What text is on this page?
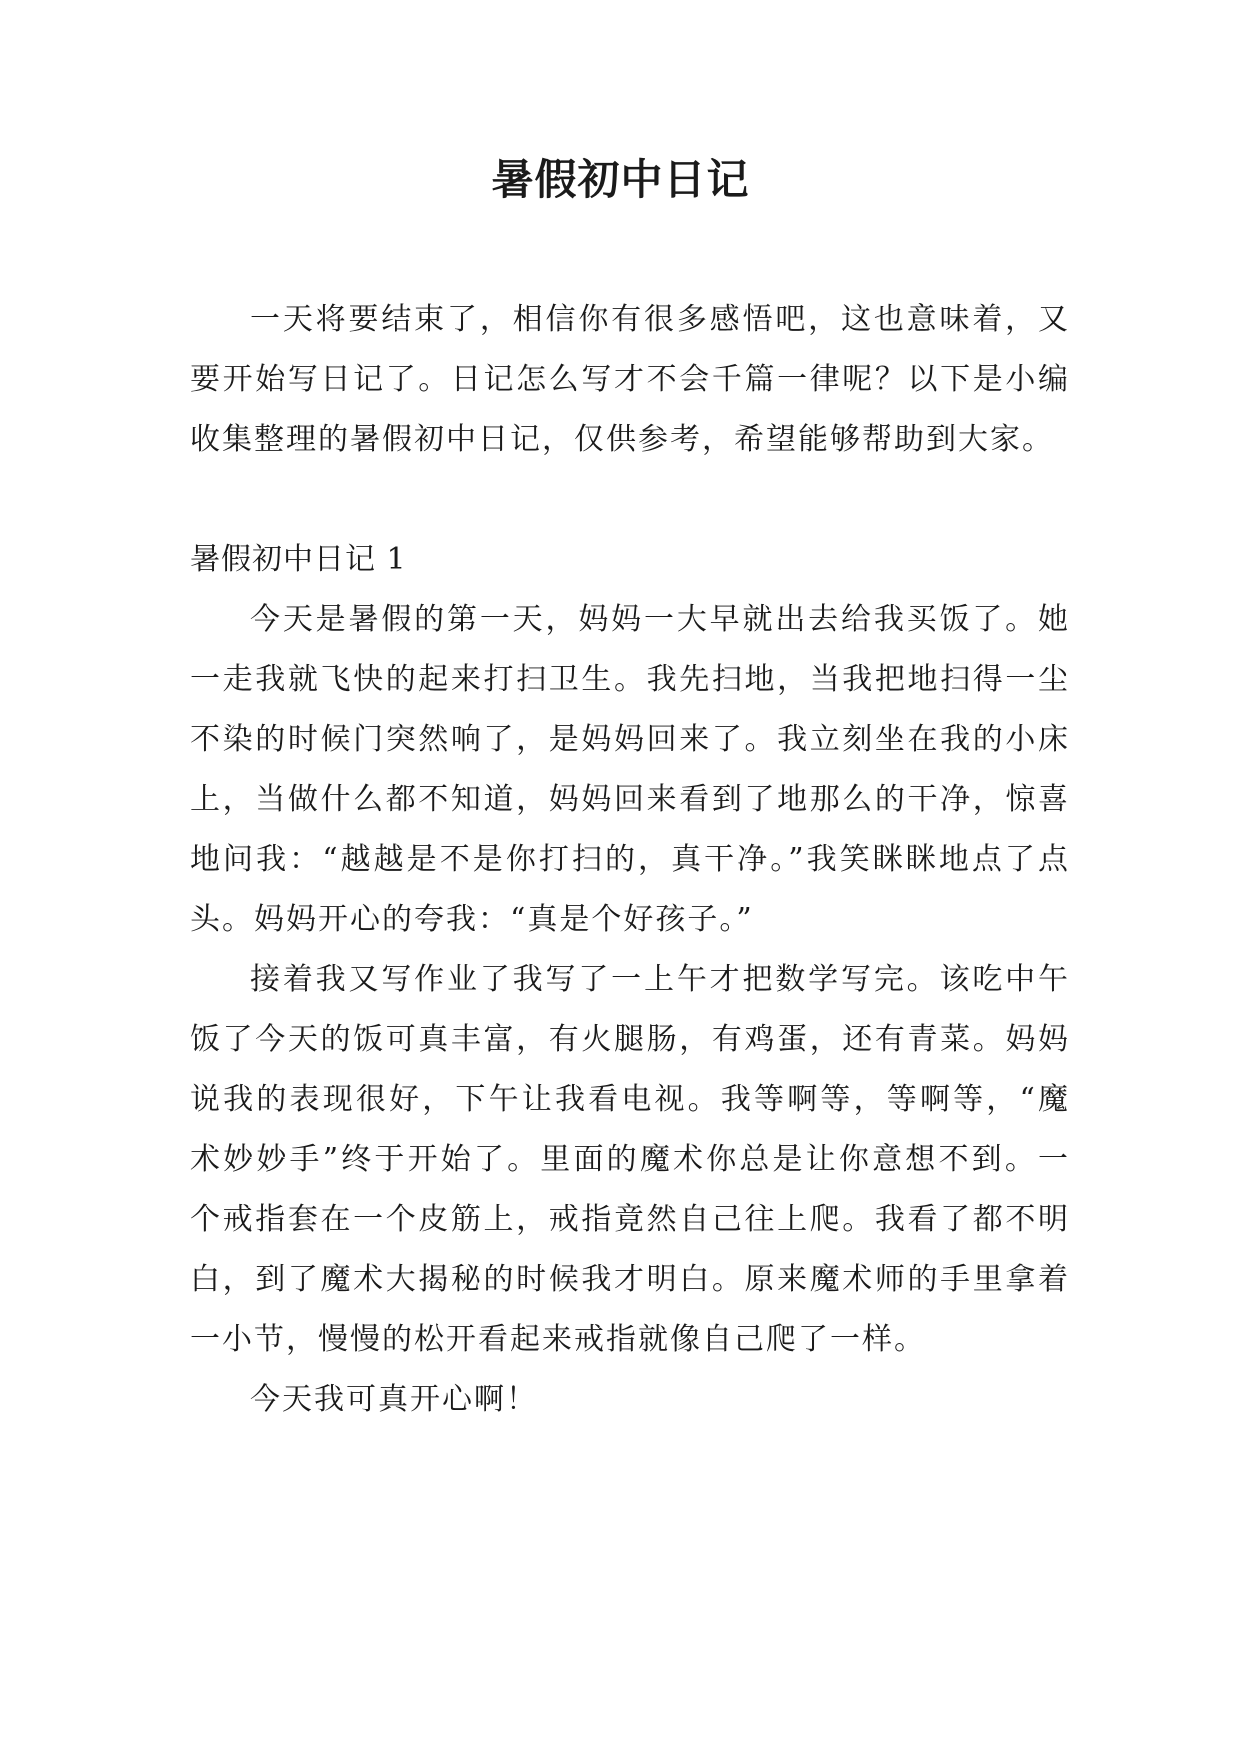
暑假初中日记

一天将要结束了，相信你有很多感悟吧，这也意味着，又要开始写日记了。日记怎么写才不会千篇一律呢？以下是小编收集整理的暑假初中日记，仅供参考，希望能够帮助到大家。

暑假初中日记 1

今天是暑假的第一天，妈妈一大早就出去给我买饭了。她一走我就飞快的起来打扫卫生。我先扫地，当我把地扫得一尘不染的时候门突然响了，是妈妈回来了。我立刻坐在我的小床上，当做什么都不知道，妈妈回来看到了地那么的干净，惊喜地问我：“越越是不是你打扫的，真干净。”我笑眯眯地点了点头。妈妈开心的夸我：“真是个好孩子。”

接着我又写作业了我写了一上午才把数学写完。该吃中午饭了今天的饭可真丰富，有火腿肠，有鸡蛋，还有青菜。妈妈说我的表现很好，下午让我看电视。我等啊等，等啊等，“魔术妙妙手”终于开始了。里面的魔术你总是让你意想不到。一个戒指套在一个皮筋上，戒指竟然自己往上爬。我看了都不明白，到了魔术大揭秘的时候我才明白。原来魔术师的手里拿着一小节，慢慢的松开看起来戒指就像自己爬了一样。

今天我可真开心啊！
